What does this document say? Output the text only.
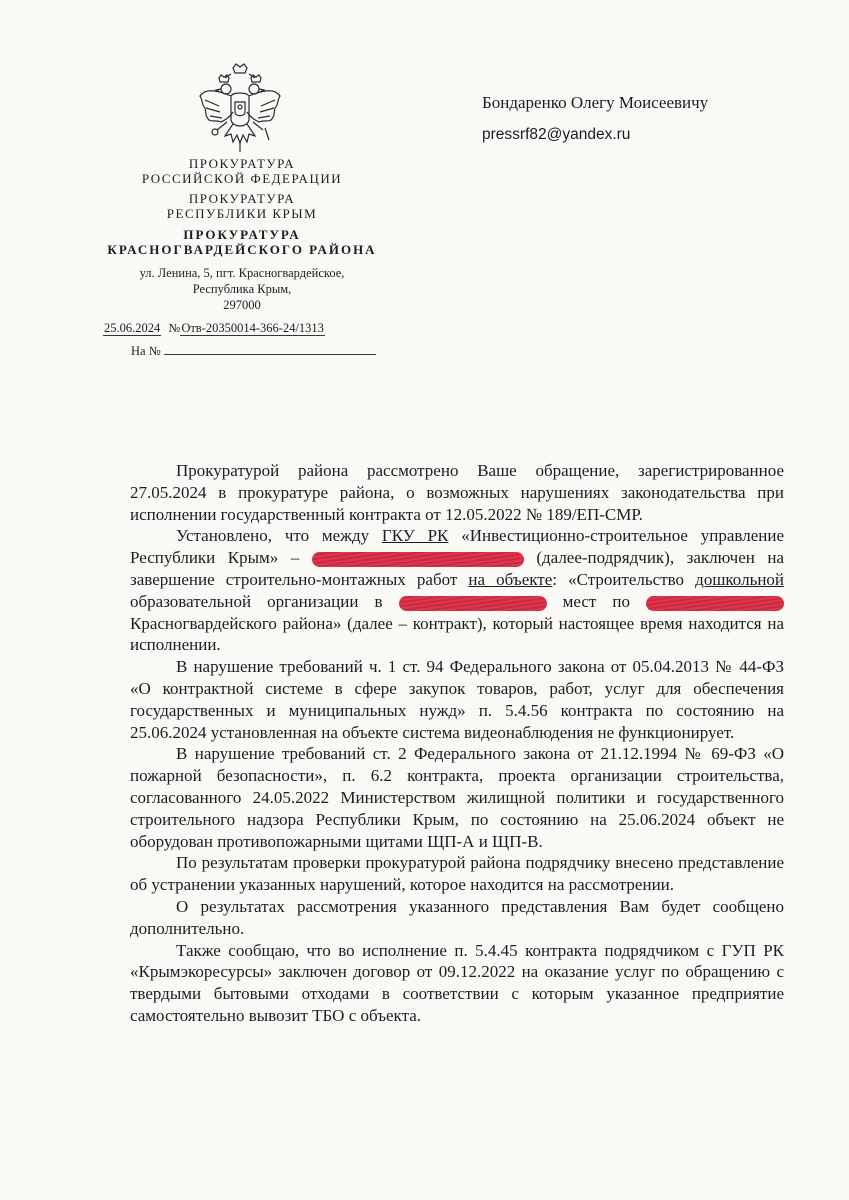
ПРОКУРАТУРА
РОССИЙСКОЙ ФЕДЕРАЦИИ
ПРОКУРАТУРА
РЕСПУБЛИКИ КРЫМ
ПРОКУРАТУРА
КРАСНОГВАРДЕЙСКОГО РАЙОНА
ул. Ленина, 5, пгт. Красногвардейское,
Республика Крым,
297000
25.06.2024 №Отв-20350014-366-24/1313
На №
Бондаренко Олегу Моисеевичу
pressrf82@yandex.ru

Прокуратурой района рассмотрено Ваше обращение, зарегистрированное 27.05.2024 в прокуратуре района, о возможных нарушениях законодательства при исполнении государственный контракта от 12.05.2022 № 189/ЕП-СМР.

Установлено, что между ГКУ РК «Инвестиционно-строительное управление Республики Крым» –	(далее-подрядчик), заключен на завершение строительно-монтажных работ на объекте: «Строительство дошкольной образовательной организации в	мест по  Красногвардейского района» (далее – контракт), который настоящее время находится на исполнении.

В нарушение требований ч. 1 ст. 94 Федерального закона от 05.04.2013 № 44-ФЗ «О контрактной системе в сфере закупок товаров, работ, услуг для обеспечения государственных и муниципальных нужд» п. 5.4.56 контракта по состоянию на 25.06.2024 установленная на объекте система видеонаблюдения не функционирует.

В нарушение требований ст. 2 Федерального закона от 21.12.1994 № 69-ФЗ «О пожарной безопасности», п. 6.2 контракта, проекта организации строительства, согласованного 24.05.2022 Министерством жилищной политики и государственного строительного надзора Республики Крым, по состоянию на 25.06.2024 объект не оборудован противопожарными щитами ЩП-А и ЩП-В.

По результатам проверки прокуратурой района подрядчику внесено представление об устранении указанных нарушений, которое находится на рассмотрении.

О результатах рассмотрения указанного представления Вам будет сообщено дополнительно.

Также сообщаю, что во исполнение п. 5.4.45 контракта подрядчиком с ГУП РК «Крымэкоресурсы» заключен договор от 09.12.2022 на оказание услуг по обращению с твердыми бытовыми отходами в соответствии с которым указанное предприятие самостоятельно вывозит ТБО с объекта.
